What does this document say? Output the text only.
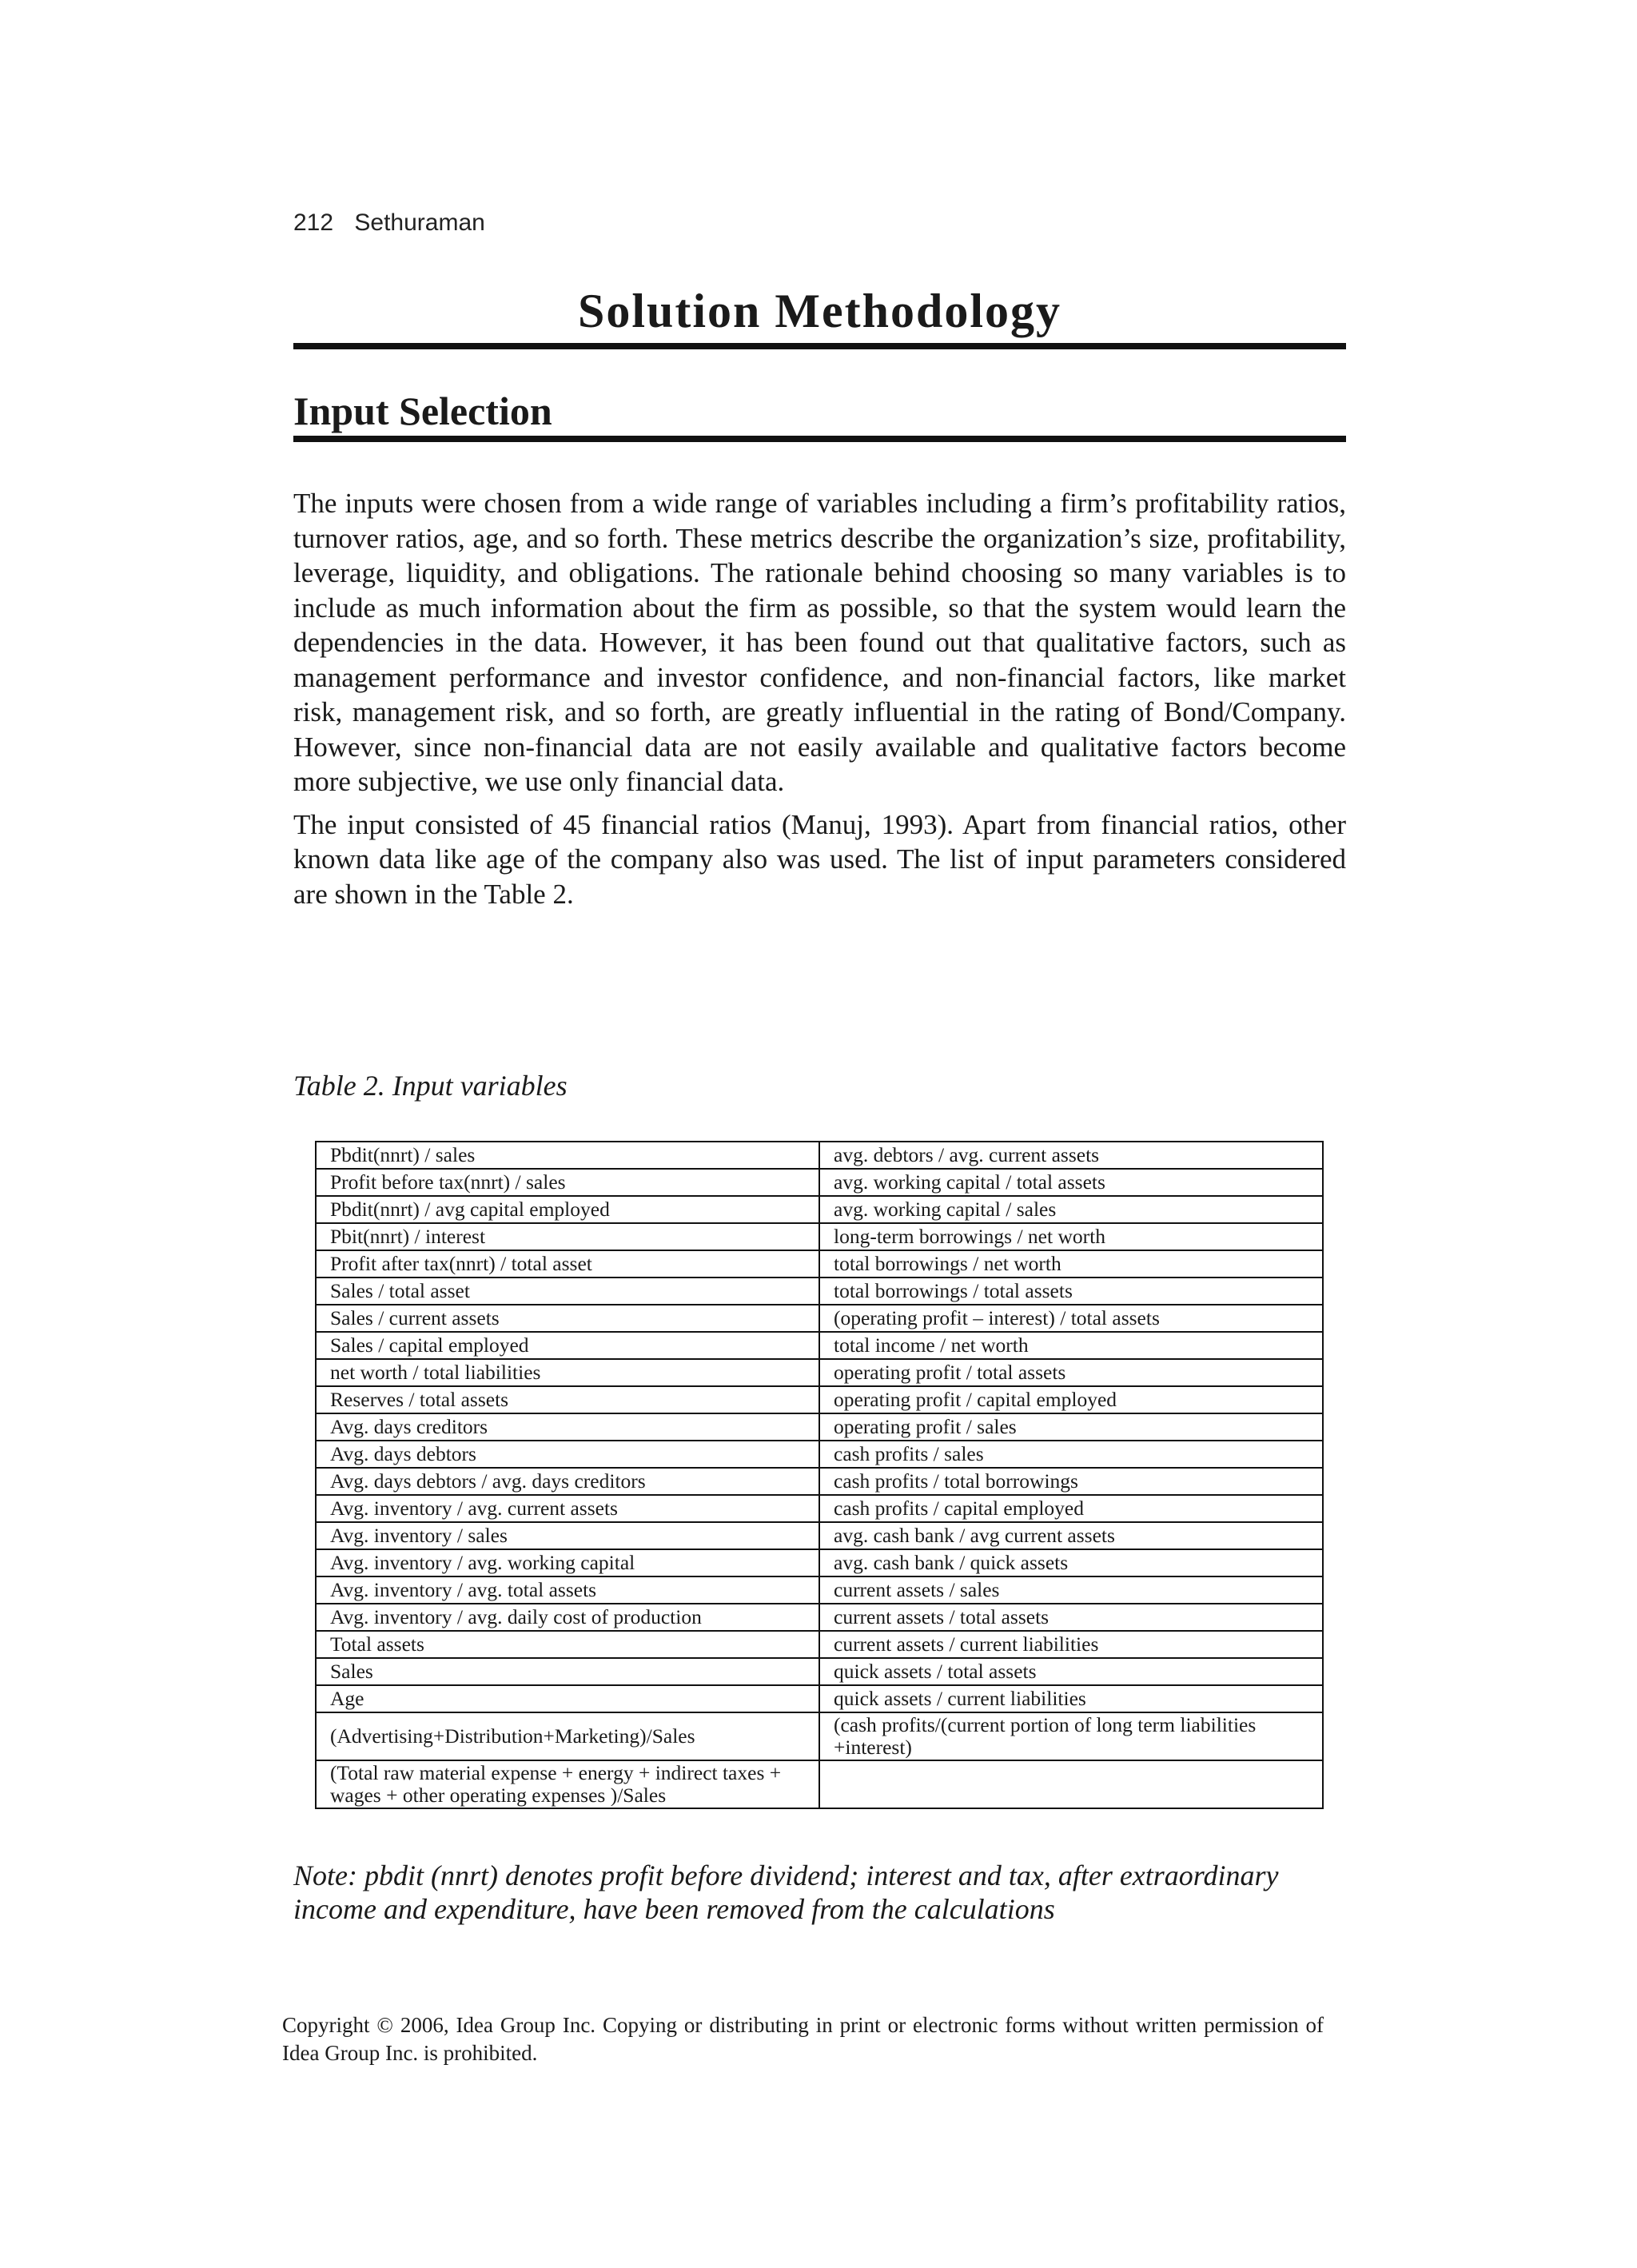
212 Sethuraman
Solution Methodology
Input Selection

The inputs were chosen from a wide range of variables including a firm’s profitability ratios, turnover ratios, age, and so forth. These metrics describe the organization’s size, profitability, leverage, liquidity, and obligations. The rationale behind choosing so many variables is to include as much information about the firm as possible, so that the system would learn the dependencies in the data. However, it has been found out that qualitative factors, such as management performance and investor confidence, and non-financial factors, like market risk, management risk, and so forth, are greatly influential in the rating of Bond/Company. However, since non-financial data are not easily available and qualitative factors become more subjective, we use only financial data.

The input consisted of 45 financial ratios (Manuj, 1993). Apart from financial ratios, other known data like age of the company also was used. The list of input parameters considered are shown in the Table 2.

Table 2. Input variables
Pbdit(nnrt) / sales	avg. debtors / avg. current assets
Profit before tax(nnrt) / sales	avg. working capital / total assets
Pbdit(nnrt) / avg capital employed	avg. working capital / sales
Pbit(nnrt) / interest	long-term borrowings / net worth
Profit after tax(nnrt) / total asset	total borrowings / net worth
Sales / total asset	total borrowings / total assets
Sales / current assets	(operating profit – interest) / total assets
Sales / capital employed	total income / net worth
net worth / total liabilities	operating profit / total assets
Reserves / total assets	operating profit / capital employed
Avg. days creditors	operating profit / sales
Avg. days debtors	cash profits / sales
Avg. days debtors / avg. days creditors	cash profits / total borrowings
Avg. inventory / avg. current assets	cash profits / capital employed
Avg. inventory / sales	avg. cash bank / avg current assets
Avg. inventory / avg. working capital	avg. cash bank / quick assets
Avg. inventory / avg. total assets	current assets / sales
Avg. inventory / avg. daily cost of production	current assets / total assets
Total assets	current assets / current liabilities
Sales	quick assets / total assets
Age	quick assets / current liabilities
(Advertising+Distribution+Marketing)/Sales	(cash profits/(current portion of long term liabilities +interest)
(Total raw material expense + energy + indirect taxes + wages + other operating expenses )/Sales	
Note: pbdit (nnrt) denotes profit before dividend; interest and tax, after extraordinary income and expenditure, have been removed from the calculations
Copyright © 2006, Idea Group Inc. Copying or distributing in print or electronic forms without written permission of Idea Group Inc. is prohibited.
